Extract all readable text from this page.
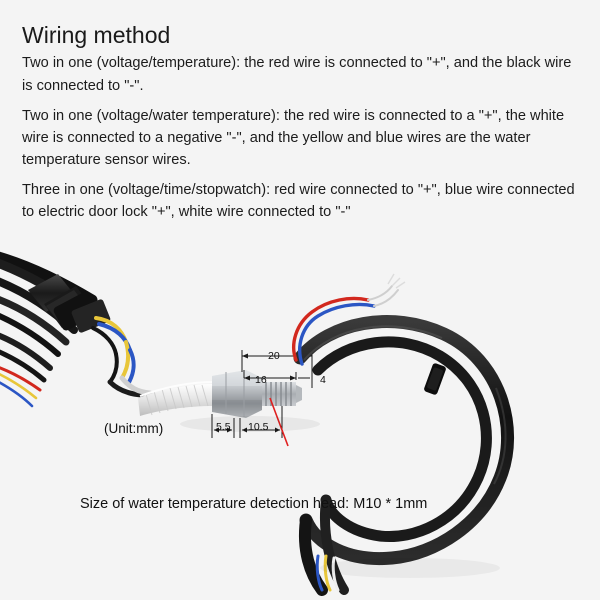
Wiring method

Two in one (voltage/temperature): the red wire is connected to "+", and the black wire is connected to "-".

Two in one (voltage/water temperature): the red wire is connected to a "+", the white wire is connected to a negative "-", and the yellow and blue wires are the water temperature sensor wires.

Three in one (voltage/time/stopwatch): red wire connected to "+", blue wire connected to electric door lock "+", white wire connected to "-"

20
16	4
5.5 10.5
(Unit:mm)
Size of water temperature detection head: M10 * 1mm
